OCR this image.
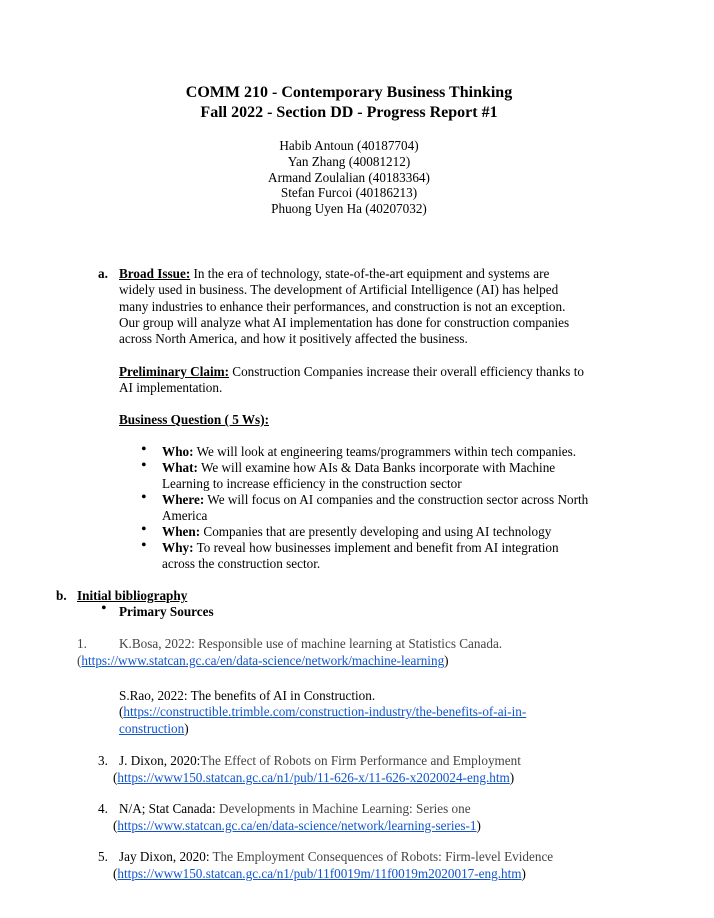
COMM 210 - Contemporary Business Thinking
Fall 2022 - Section DD - Progress Report #1
Habib Antoun (40187704)
Yan Zhang (40081212)
Armand Zoulalian (40183364)
Stefan Furcoi (40186213)
Phuong Uyen Ha (40207032)
a. Broad Issue: In the era of technology, state-of-the-art equipment and systems are
widely used in business. The development of Artificial Intelligence (AI) has helped
many industries to enhance their performances, and construction is not an exception.
Our group will analyze what AI implementation has done for construction companies
across North America, and how it positively affected the business.
Preliminary Claim: Construction Companies increase their overall efficiency thanks to
AI implementation.
Business Question ( 5 Ws):
• Who: We will look at engineering teams/programmers within tech companies.
• What: We will examine how AIs & Data Banks incorporate with Machine
Learning to increase efficiency in the construction sector
• Where: We will focus on AI companies and the construction sector across North
America
• When: Companies that are presently developing and using AI technology
• Why: To reveal how businesses implement and benefit from AI integration
across the construction sector.
b. Initial bibliography
• Primary Sources
1. K.Bosa, 2022: Responsible use of machine learning at Statistics Canada.
(https://www.statcan.gc.ca/en/data-science/network/machine-learning)
S.Rao, 2022: The benefits of AI in Construction.
(https://constructible.trimble.com/construction-industry/the-benefits-of-ai-in-
construction)
3. J. Dixon, 2020:The Effect of Robots on Firm Performance and Employment
(https://www150.statcan.gc.ca/n1/pub/11-626-x/11-626-x2020024-eng.htm)
4. N/A; Stat Canada: Developments in Machine Learning: Series one
(https://www.statcan.gc.ca/en/data-science/network/learning-series-1)
5. Jay Dixon, 2020: The Employment Consequences of Robots: Firm-level Evidence
(https://www150.statcan.gc.ca/n1/pub/11f0019m/11f0019m2020017-eng.htm)
